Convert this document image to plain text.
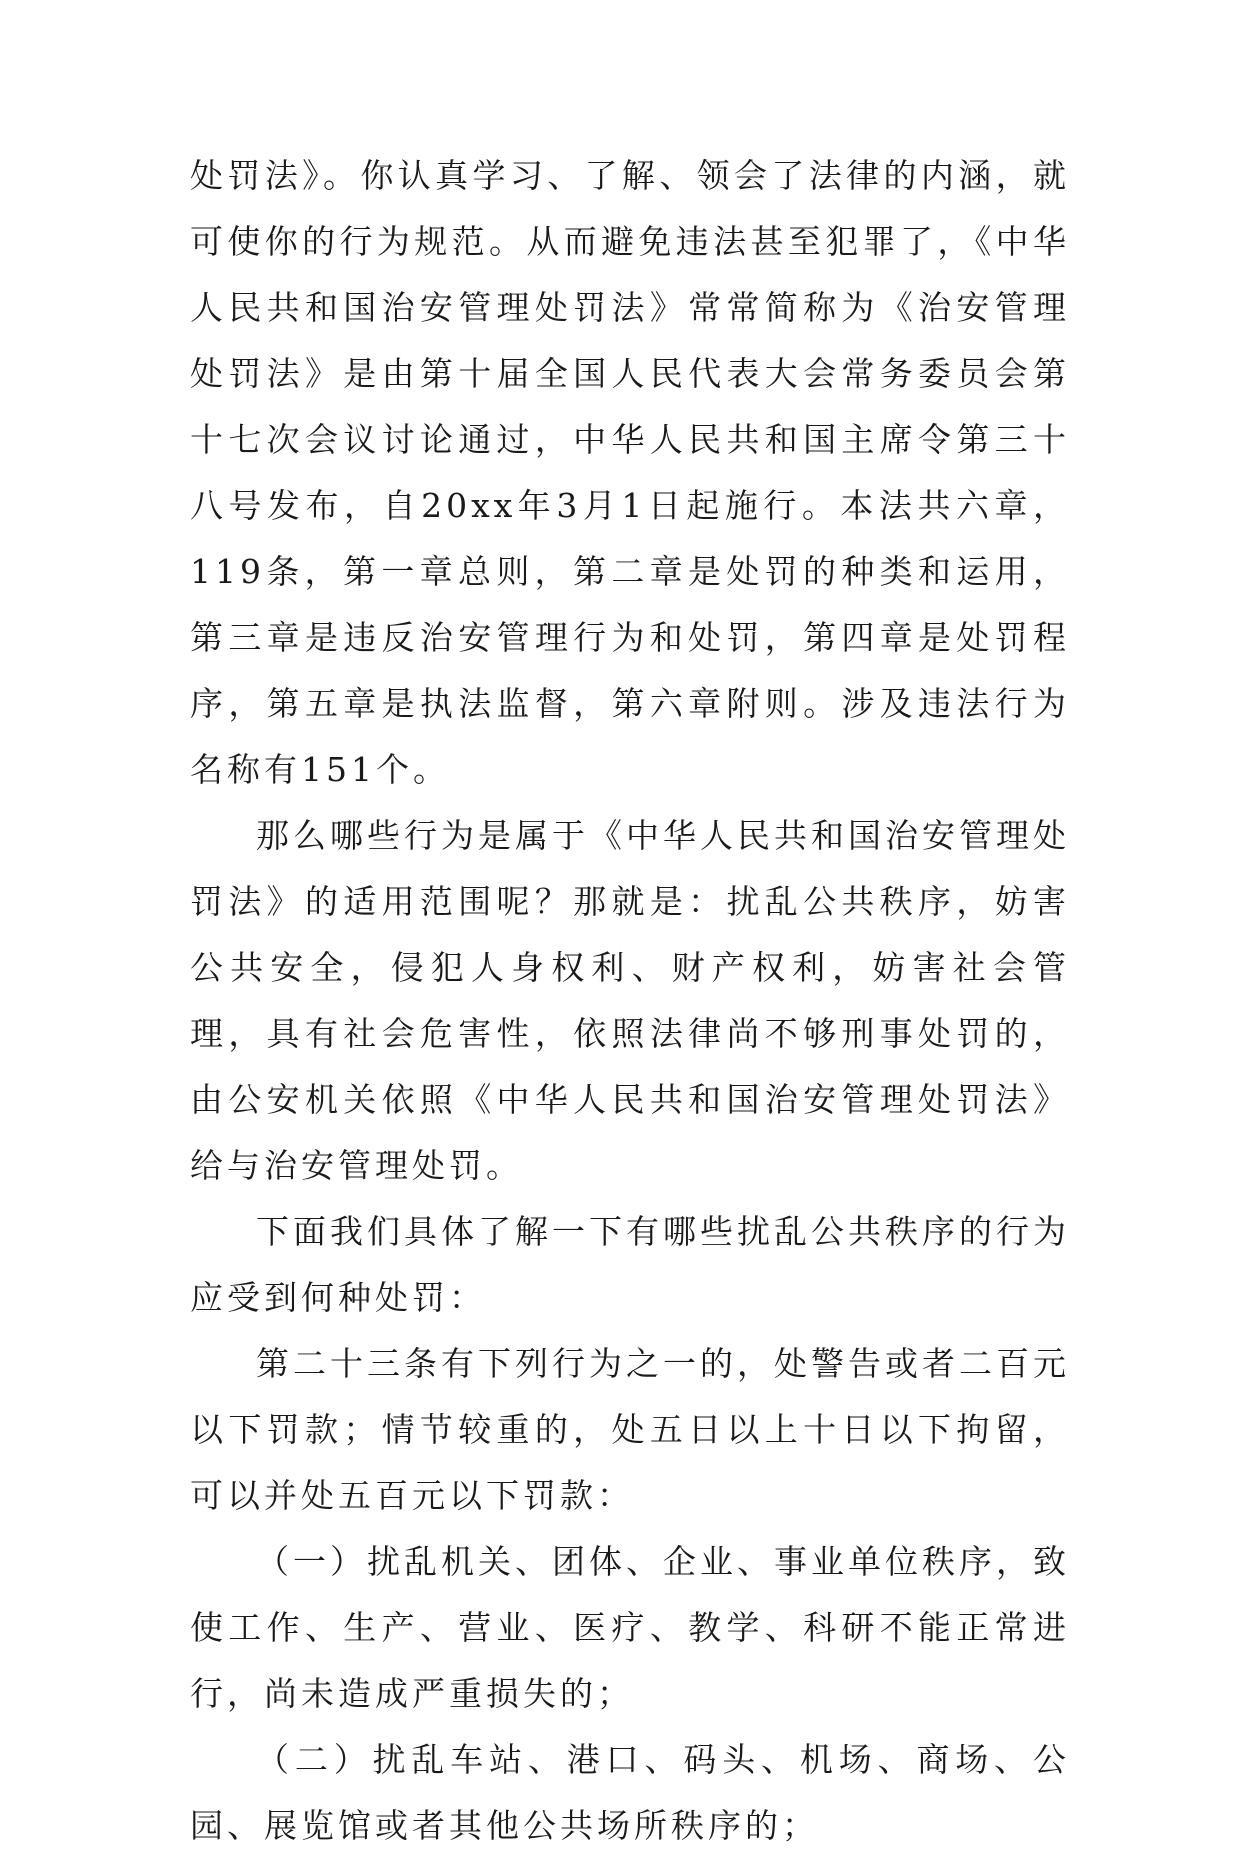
处罚法》。你认真学习、了解、领会了法律的内涵，就可使你的行为规范。从而避免违法甚至犯罪了，《中华人民共和国治安管理处罚法》常常简称为《治安管理处罚法》是由第十届全国人民代表大会常务委员会第十七次会议讨论通过，中华人民共和国主席令第三十八号发布，自20xx年3月1日起施行。本法共六章，119条，第一章总则，第二章是处罚的种类和运用，第三章是违反治安管理行为和处罚，第四章是处罚程序，第五章是执法监督，第六章附则。涉及违法行为名称有151个。

那么哪些行为是属于《中华人民共和国治安管理处罚法》的适用范围呢？那就是：扰乱公共秩序，妨害公共安全，侵犯人身权利、财产权利，妨害社会管理，具有社会危害性，依照法律尚不够刑事处罚的，由公安机关依照《中华人民共和国治安管理处罚法》给与治安管理处罚。

下面我们具体了解一下有哪些扰乱公共秩序的行为应受到何种处罚：

第二十三条有下列行为之一的，处警告或者二百元以下罚款；情节较重的，处五日以上十日以下拘留，可以并处五百元以下罚款：

（一）扰乱机关、团体、企业、事业单位秩序，致使工作、生产、营业、医疗、教学、科研不能正常进行，尚未造成严重损失的；

（二）扰乱车站、港口、码头、机场、商场、公园、展览馆或者其他公共场所秩序的；
